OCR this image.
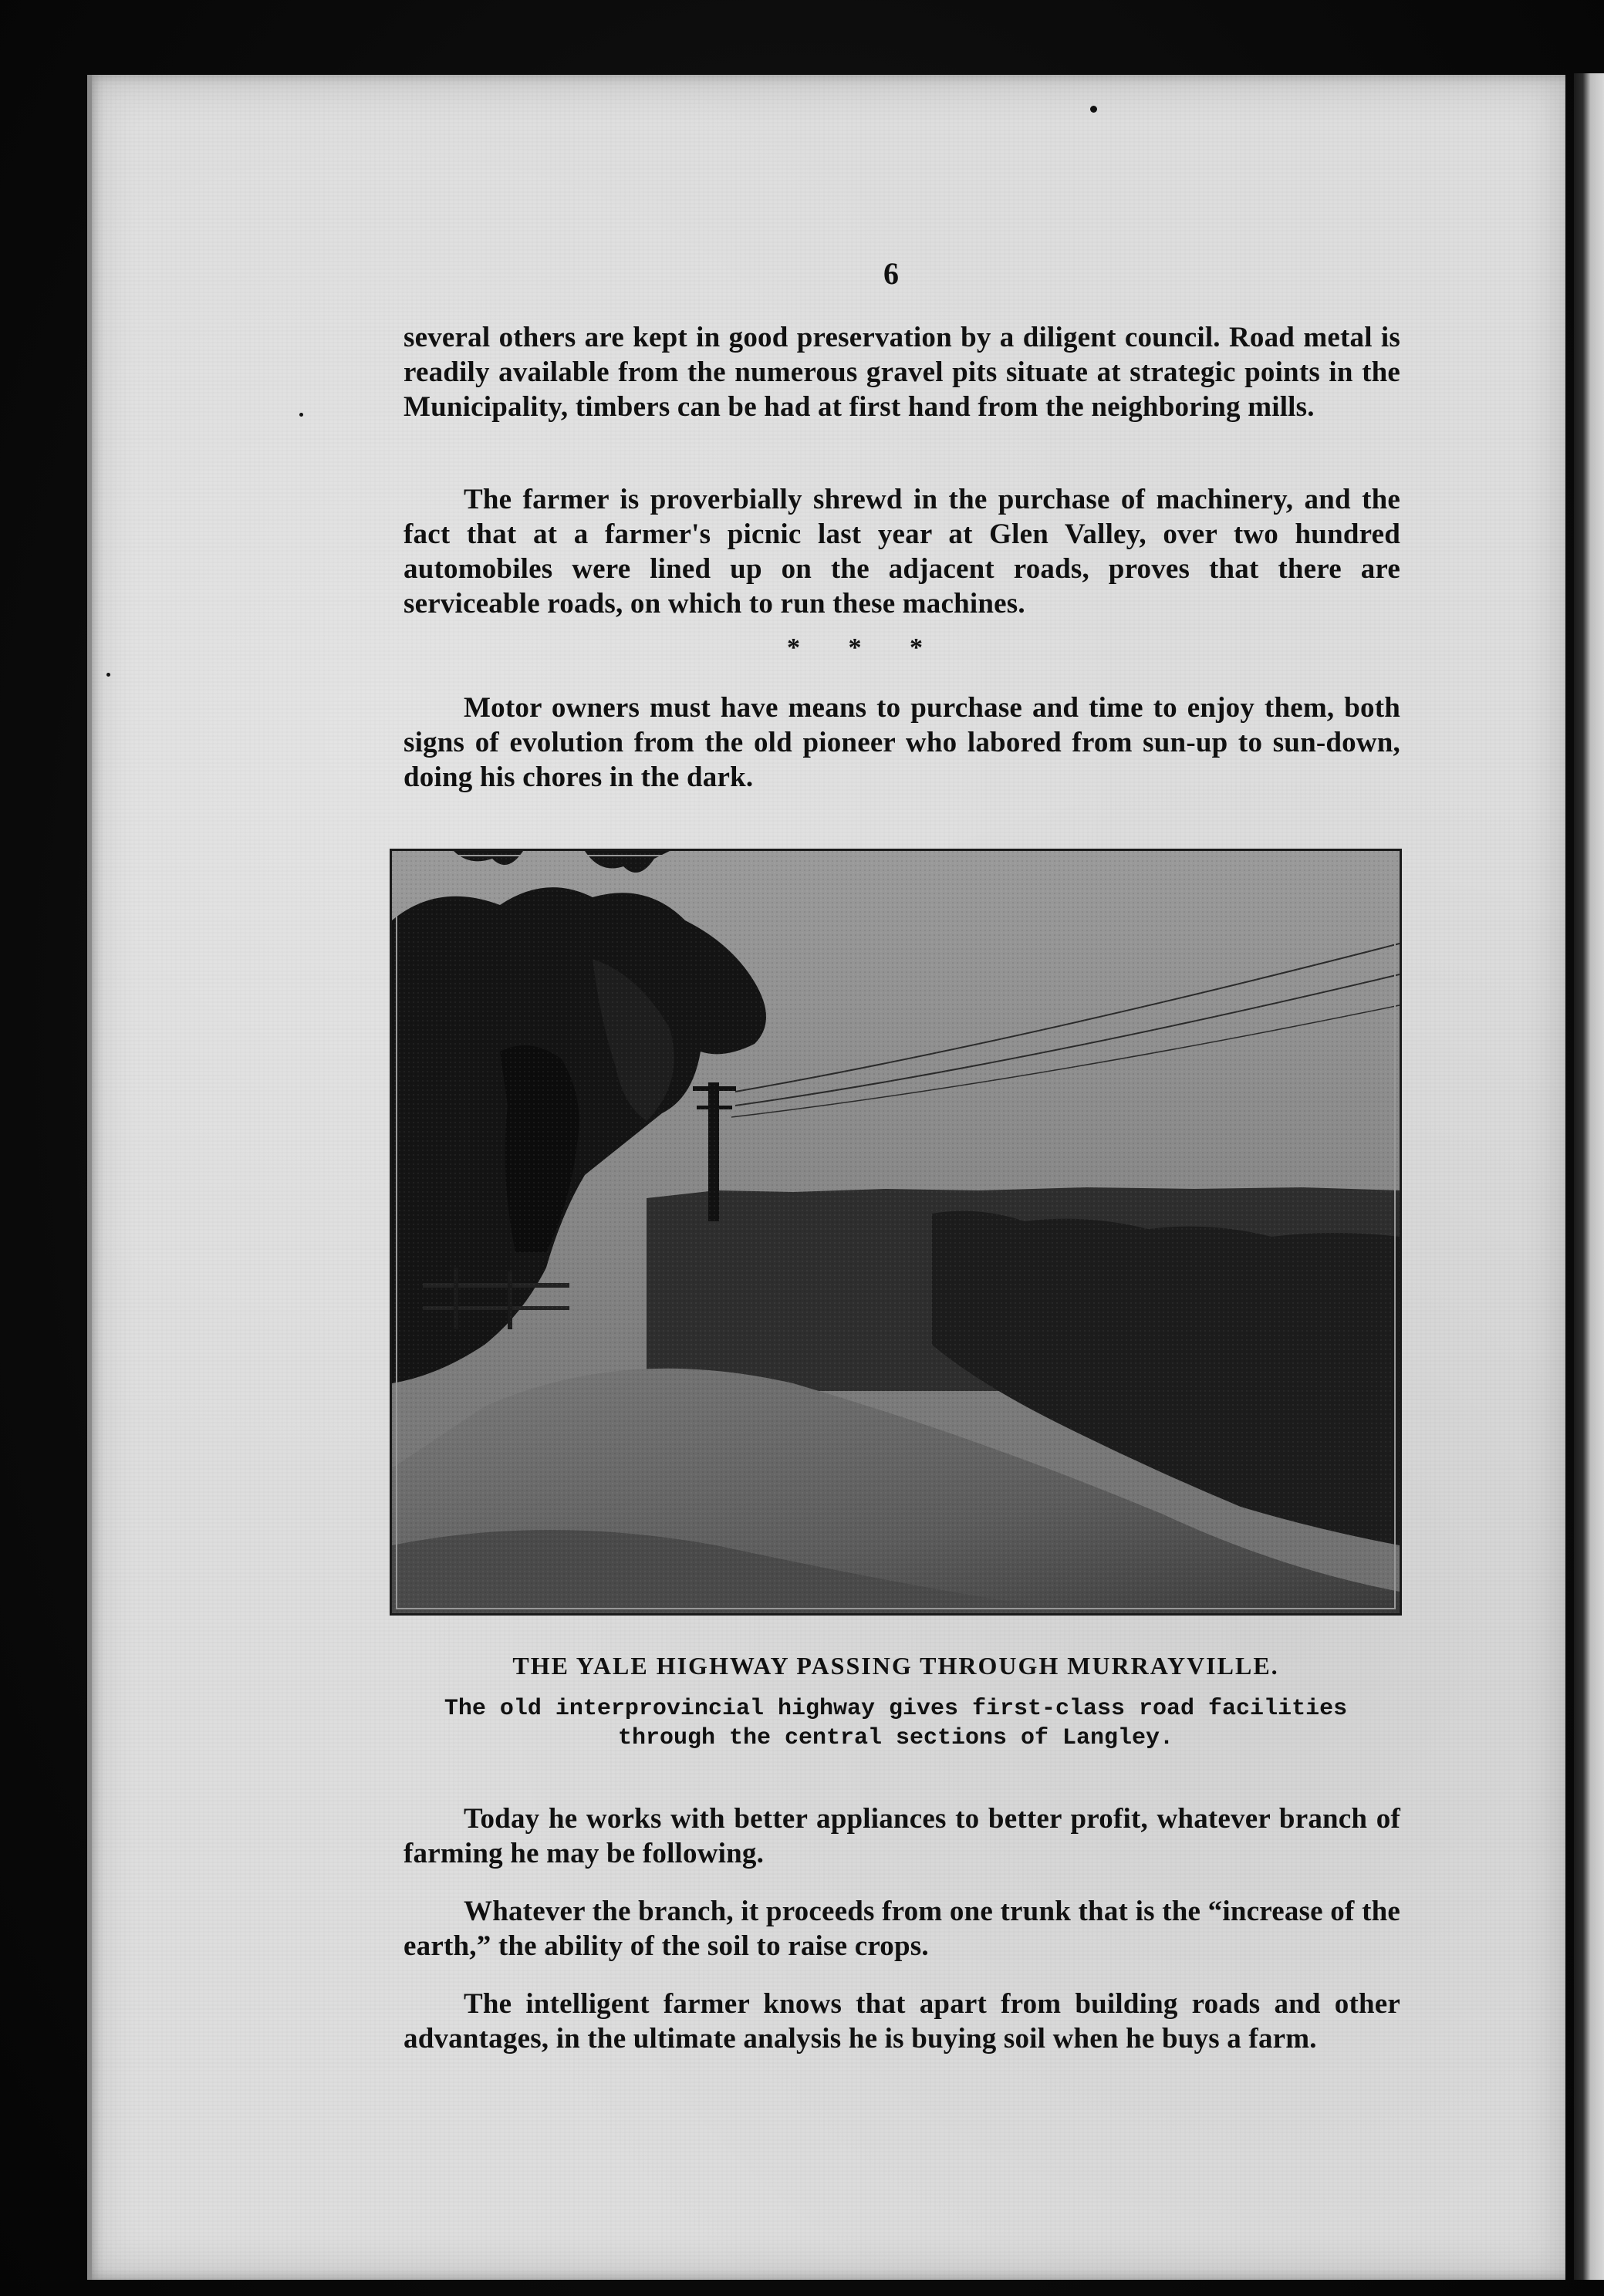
6

several others are kept in good preservation by a diligent council. Road metal is readily available from the numerous gravel pits situate at strategic points in the Municipality, timbers can be had at first hand from the neighboring mills.

The farmer is proverbially shrewd in the purchase of machinery, and the fact that at a farmer's picnic last year at Glen Valley, over two hundred automobiles were lined up on the adjacent roads, proves that there are serviceable roads, on which to run these machines.

* * *

Motor owners must have means to purchase and time to enjoy them, both signs of evolution from the old pioneer who labored from sun-up to sun-down, doing his chores in the dark.

THE YALE HIGHWAY PASSING THROUGH MURRAYVILLE.
The old interprovincial highway gives first-class road facilities through the central sections of Langley.

Today he works with better appliances to better profit, whatever branch of farming he may be following.

Whatever the branch, it proceeds from one trunk that is the “increase of the earth,” the ability of the soil to raise crops.

The intelligent farmer knows that apart from building roads and other advantages, in the ultimate analysis he is buying soil when he buys a farm.
